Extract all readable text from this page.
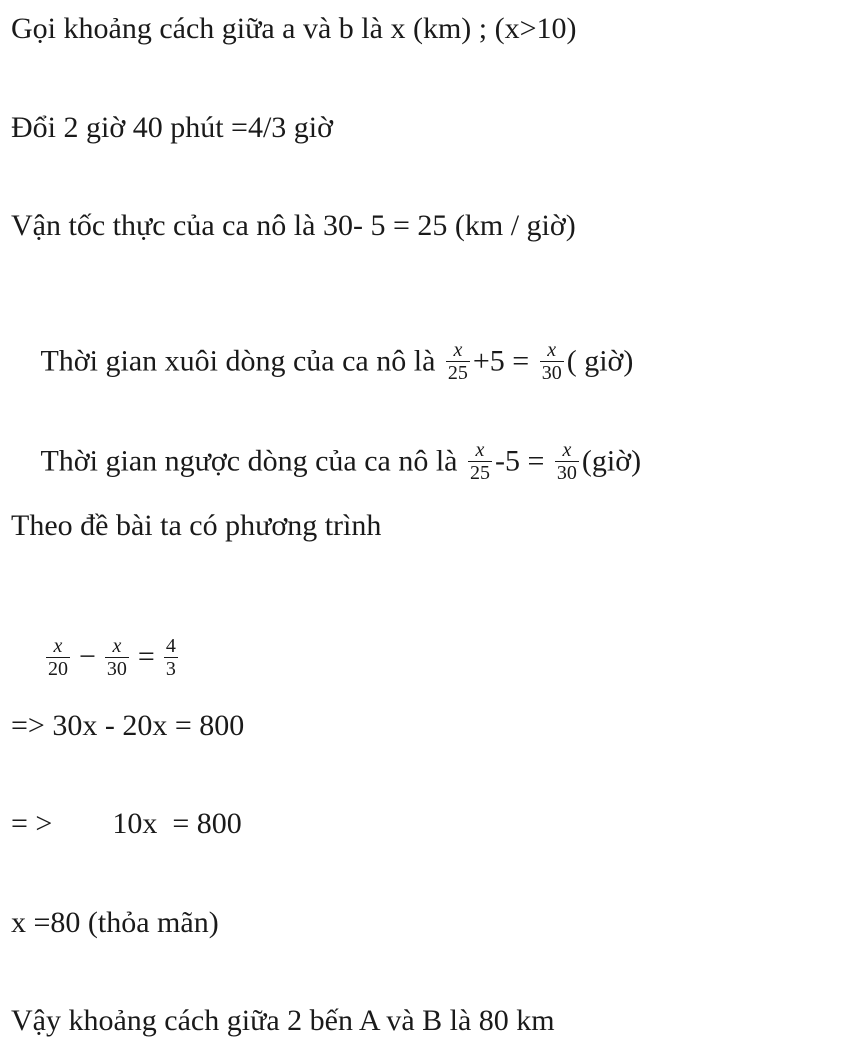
Gọi khoảng cách giữa a và b là x (km) ; (x>10)
Đổi 2 giờ 40 phút =4/3 giờ
Vận tốc thực của ca nô là 30- 5 = 25 (km / giờ)

Thời gian xuôi dòng của ca nô là $\frac{x}{25} +5 = \frac{x}{30}$ ( giờ)

Thời gian ngược dòng của ca nô là $\frac{x}{25} -5 = \frac{x}{30}$ (giờ)

Theo đề bài ta có phương trình

$\frac{x}{20} - \frac{x}{30} = \frac{4}{3}$

=> 30x - 20x = 800
= >        10x  = 800
x =80 (thỏa mãn)
Vậy khoảng cách giữa 2 bến A và B là 80 km
